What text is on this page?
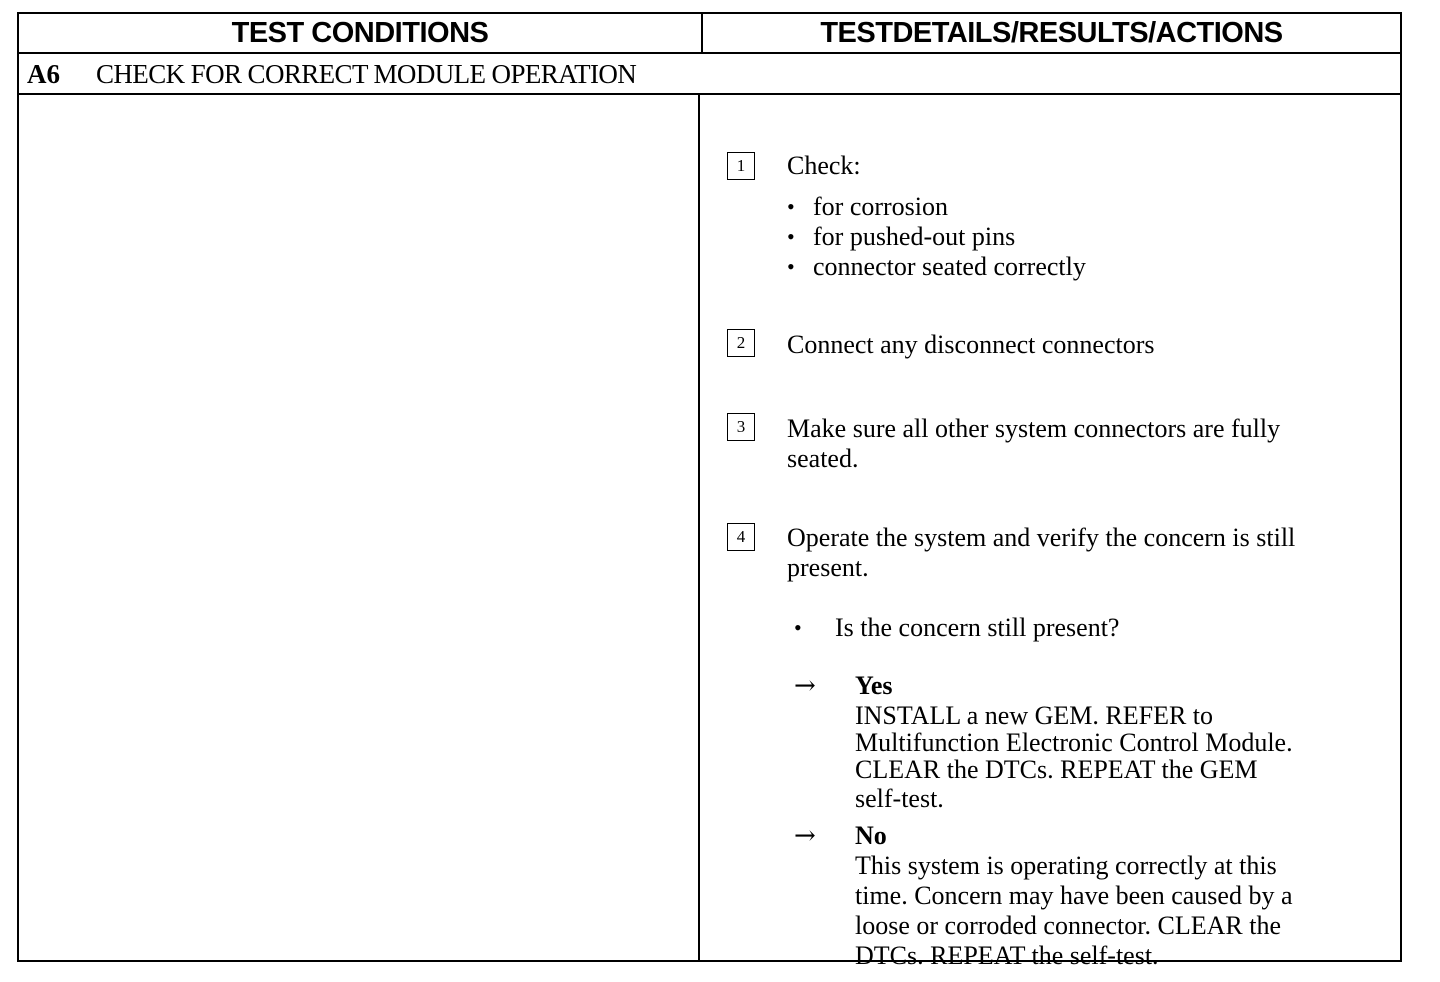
TEST CONDITIONS	TESTDETAILS/RESULTS/ACTIONS
A6 CHECK FOR CORRECT MODULE OPERATION
1	Check:
• for corrosion
• for pushed-out pins
• connector seated correctly
2	Connect any disconnect connectors
3	Make sure all other system connectors are fully
seated.
4	Operate the system and verify the concern is still
present.
• Is the concern still present?
→ Yes
INSTALL a new GEM. REFER to
Multifunction Electronic Control Module.
CLEAR the DTCs. REPEAT the GEM
self-test.
→ No
This system is operating correctly at this
time. Concern may have been caused by a
loose or corroded connector. CLEAR the
DTCs. REPEAT the self-test.
